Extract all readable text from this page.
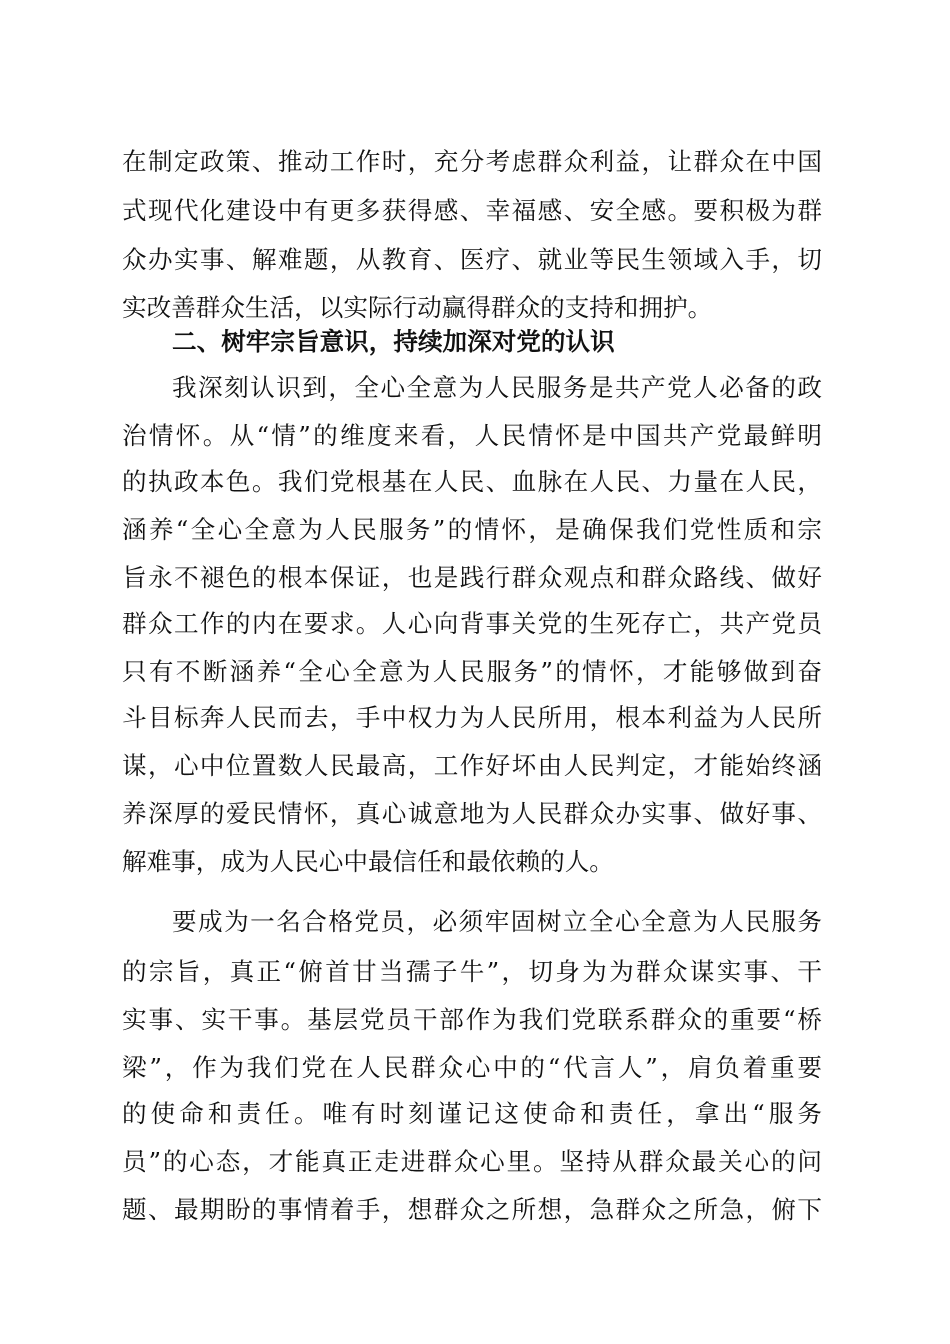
在制定政策、推动工作时，充分考虑群众利益，让群众在中国
式现代化建设中有更多获得感、幸福感、安全感。要积极为群
众办实事、解难题，从教育、医疗、就业等民生领域入手，切
实改善群众生活，以实际行动赢得群众的支持和拥护。
二、树牢宗旨意识，持续加深对党的认识
我深刻认识到，全心全意为人民服务是共产党人必备的政
治情怀。从“情”的维度来看，人民情怀是中国共产党最鲜明
的执政本色。我们党根基在人民、血脉在人民、力量在人民，
涵养“全心全意为人民服务”的情怀，是确保我们党性质和宗
旨永不褪色的根本保证，也是践行群众观点和群众路线、做好
群众工作的内在要求。人心向背事关党的生死存亡，共产党员
只有不断涵养“全心全意为人民服务”的情怀，才能够做到奋
斗目标奔人民而去，手中权力为人民所用，根本利益为人民所
谋，心中位置数人民最高，工作好坏由人民判定，才能始终涵
养深厚的爱民情怀，真心诚意地为人民群众办实事、做好事、
解难事，成为人民心中最信任和最依赖的人。
要成为一名合格党员，必须牢固树立全心全意为人民服务
的宗旨，真正“俯首甘当孺子牛”，切身为为群众谋实事、干
实事、实干事。基层党员干部作为我们党联系群众的重要“桥
梁”，作为我们党在人民群众心中的“代言人”，肩负着重要
的使命和责任。唯有时刻谨记这使命和责任，拿出“服务
员”的心态，才能真正走进群众心里。坚持从群众最关心的问
题、最期盼的事情着手，想群众之所想，急群众之所急，俯下
